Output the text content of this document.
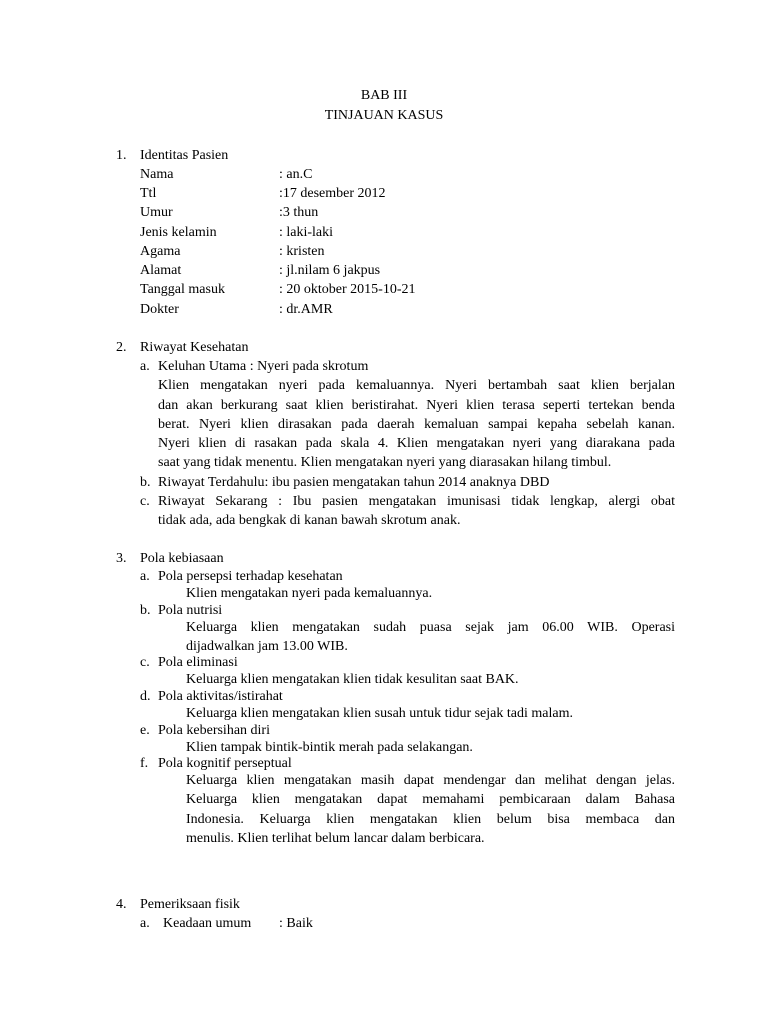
BAB III
TINJAUAN KASUS
1. Identitas Pasien
Nama	: an.C
Ttl	:17 desember 2012
Umur	:3 thun
Jenis kelamin	: laki-laki
Agama	: kristen
Alamat	: jl.nilam 6 jakpus
Tanggal masuk	: 20 oktober 2015-10-21
Dokter	: dr.AMR
2. Riwayat Kesehatan
a. Keluhan Utama : Nyeri pada skrotum
Klien mengatakan nyeri pada kemaluannya. Nyeri bertambah saat klien berjalan
dan akan berkurang saat klien beristirahat. Nyeri klien terasa seperti tertekan benda
berat. Nyeri klien dirasakan pada daerah kemaluan sampai kepaha sebelah kanan.
Nyeri klien di rasakan pada skala 4. Klien mengatakan nyeri yang diarakana pada
saat yang tidak menentu. Klien mengatakan nyeri yang diarasakan hilang timbul.
b. Riwayat Terdahulu: ibu pasien mengatakan tahun 2014 anaknya DBD
c. Riwayat Sekarang : Ibu pasien mengatakan imunisasi tidak lengkap, alergi obat
tidak ada, ada bengkak di kanan bawah skrotum anak.
3. Pola kebiasaan
a. Pola persepsi terhadap kesehatan
Klien mengatakan nyeri pada kemaluannya.
b. Pola nutrisi
Keluarga klien mengatakan sudah puasa sejak jam 06.00 WIB. Operasi
dijadwalkan jam 13.00 WIB.
c. Pola eliminasi
Keluarga klien mengatakan klien tidak kesulitan saat BAK.
d. Pola aktivitas/istirahat
Keluarga klien mengatakan klien susah untuk tidur sejak tadi malam.
e. Pola kebersihan diri
Klien tampak bintik-bintik merah pada selakangan.
f. Pola kognitif perseptual
Keluarga klien mengatakan masih dapat mendengar dan melihat dengan jelas.
Keluarga klien mengatakan dapat memahami pembicaraan dalam Bahasa
Indonesia. Keluarga klien mengatakan klien belum bisa membaca dan
menulis. Klien terlihat belum lancar dalam berbicara.
4. Pemeriksaan fisik
a. Keadaan umum : Baik
